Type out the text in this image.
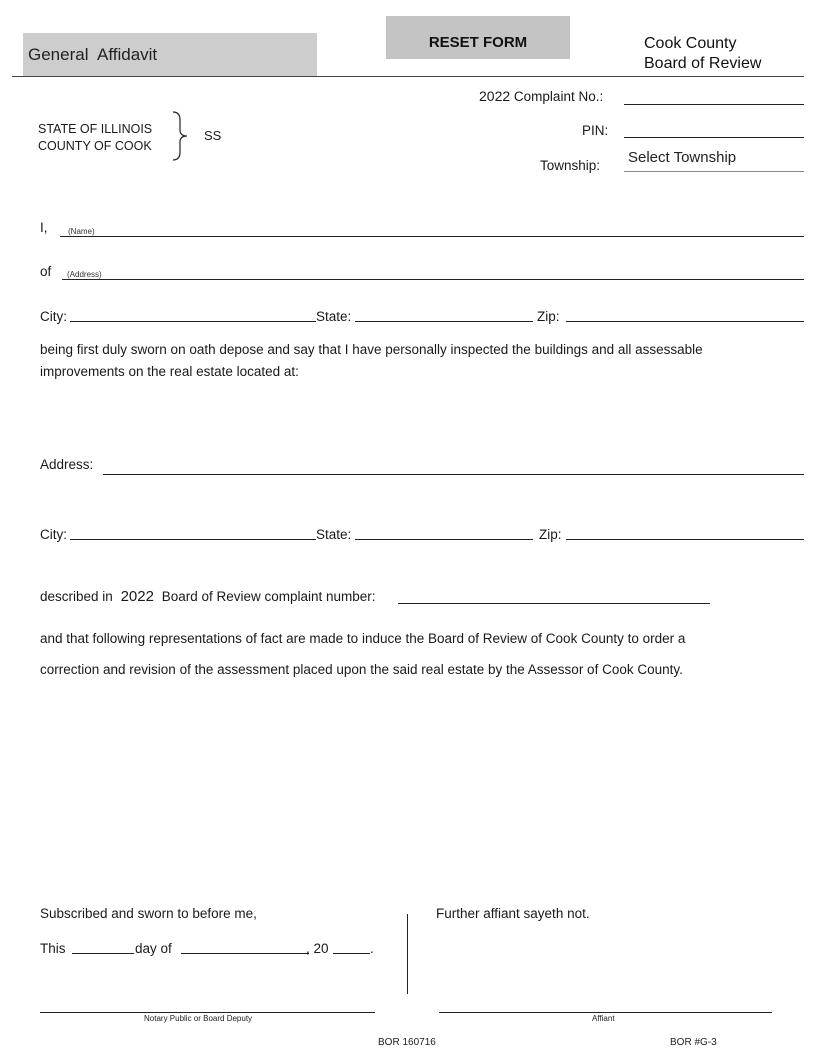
General  Affidavit
RESET FORM	Cook County
Board of Review
2022 Complaint No.:
PIN:
Township: Select Township
STATE OF ILLINOIS
COUNTY OF COOK
SS
I,	(Name)
of (Address)
City:	State:	Zip:
being first duly sworn on oath depose and say that I have personally inspected the buildings and all assessable
improvements on the real estate located at:
Address:
City:	State:	Zip:
described in 2022 Board of Review complaint number:
and that following representations of fact are made to induce the Board of Review of Cook County to order a
correction and revision of the assessment placed upon the said real estate by the Assessor of Cook County.
Subscribed and sworn to before me,	Further affiant sayeth not.
This	day of	, 20	.
Notary Public or Board Deputy	Affiant
BOR 160716	BOR #G-3
